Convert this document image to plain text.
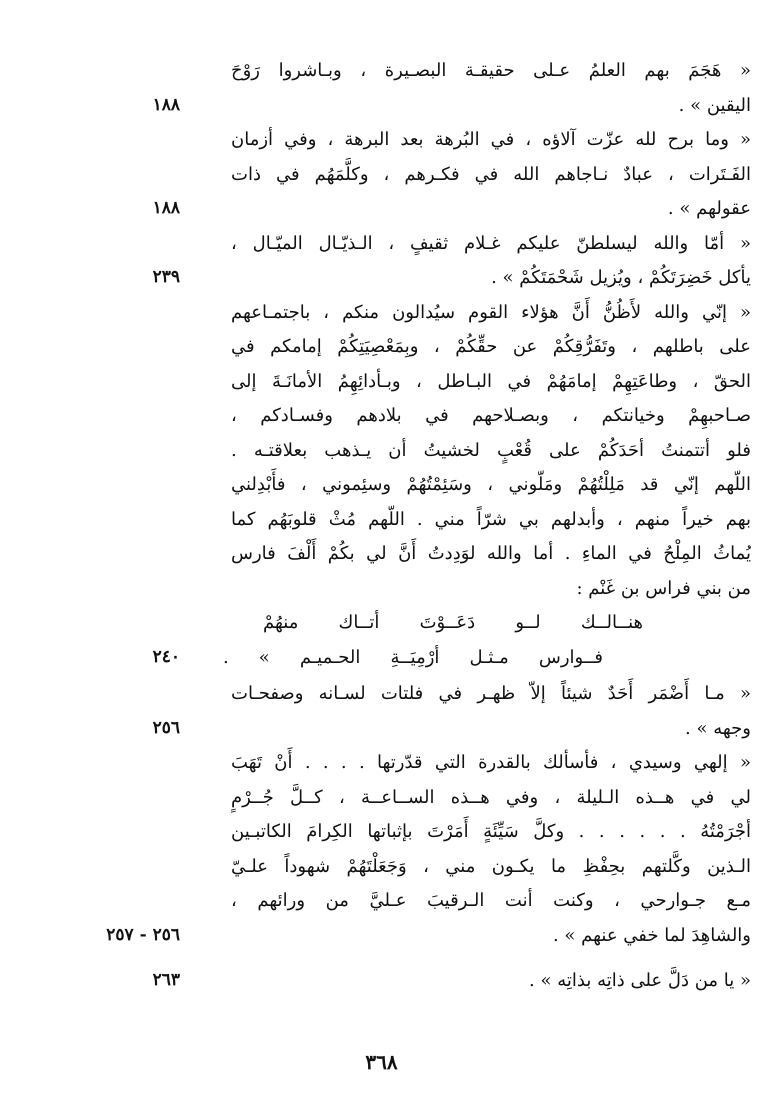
« هَجَمَ بهم العلمُ عـلى حقيقـة البصـيرة ، وبـاشروا رَوْحَ
اليقين » .
١٨٨
« وما برح لله عزّت آلاؤه ، في البُرهة بعد البرهة ، وفي أزمان
الفَـتَرات ، عبادٌ نـاجاهم الله في فكـرهم ، وكلَّمَهُم في ذات
عقولهم » .
١٨٨
« أمّا والله ليسلطنّ عليكم غـلام ثقيفٍ ، الـذيّـال الميّـال ،
يأكل خَضِرَتَكُمْ ، ويُزيل شَحْمَتَكُمْ » .
٢٣٩
« إنّي والله لأَظُنُّ أَنَّ هؤلاء القوم سيُدالون منكم ، باجتمـاعهم
على باطلهم ، وتَفَرُّقِكُمْ عن حقِّكُمْ ، وبِمَعْصِيَتِكُمْ إمامكم في
الحقّ ، وطاعَتِهِمْ إمامَهُمْ في البـاطل ، وبـأدائِهِمُ الأمانَـةَ إلى
صـاحبهِمْ وخيانتكم ، وبصـلاحهم في بلادهم وفسـادكم ،
فلو أتتمنتُ أحَدَكُمْ على قُعْبٍ لخشيتُ أن يـذهب بعلاقتـه .
اللّهم إنّي قد مَلِلْتُهُمْ ومَلّوني ، وسَئِمْتُهُمْ وسئِموني ، فأَبْدِلني
بهم خيراً منهم ، وأبدلهم بي شرّاً مني . اللّهم مُثْ قلوبَهُم كما
يُماثُ المِلْحُ في الماءِ . أما والله لوَدِدتُ أَنَّ لي بكُمْ أَلْفَ فارس
من بني فراس بن غَنْم :
هنــالــك لــو دَعَــوْتَ أتــاك منهُمْ
فــوارس مـثـل أرْمِيَــةِ الحـميـم » .
٢٤٠
« مـا أَضْمَر أَحَدٌ شيئاً إلاّ ظهـر في فلتات لسـانه وصفحـات
وجهه » .
٢٥٦
« إلهي وسيدي ، فأسألك بالقدرة التي قدّرتها . . . . أَنْ تَهَبَ
لي في هــذه الـليلة ، وفي هــذه الســاعــة ، كــلَّ جُــرْمٍ
أجْرَمْتُهُ . . . . . . وكلَّ سَيِّئَةٍ أَمَرْتَ بإثباتها الكِرامَ الكاتبـين
الـذين وكَّلتهم بحِفْظِ ما يكـون مني ، وَجَعَلْتَهُمْ شهوداً علـيّ
مـع جـوارحي ، وكنت أنت الـرقيبَ عـليَّ من ورائهم ،
والشاهِدَ لما خفي عنهم » .
٢٥٦ - ٢٥٧
« يا من دَلَّ على ذاتِه بذاتِه » .
٢٦٣
٣٦٨
